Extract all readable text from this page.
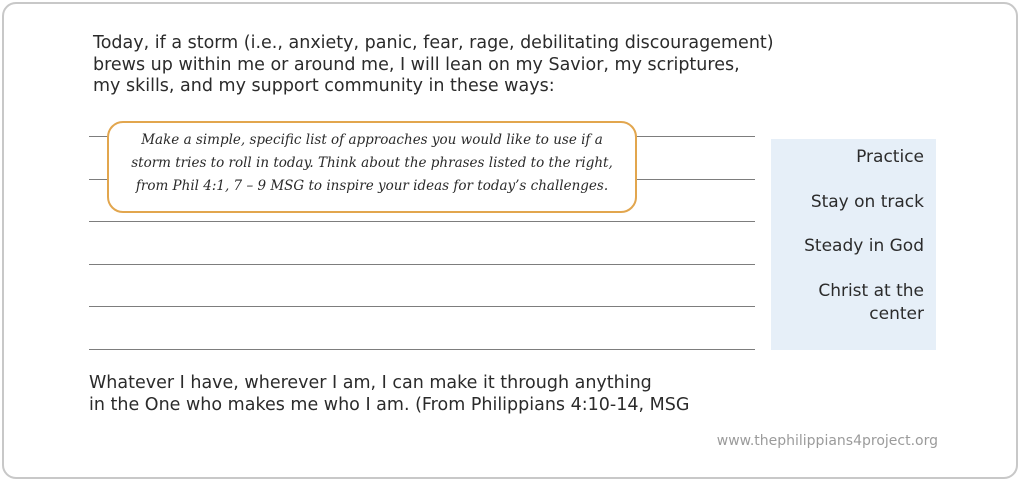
Today, if a storm (i.e., anxiety, panic, fear, rage, debilitating discouragement)
brews up within me or around me, I will lean on my Savior, my scriptures,
my skills, and my support community in these ways:
Make a simple, specific list of approaches you would like to use if a
storm tries to roll in today. Think about the phrases listed to the right,
from Phil 4:1, 7 – 9 MSG to inspire your ideas for today’s challenges.
Practice
Stay on track
Steady in God
Christ at the
center
Whatever I have, wherever I am, I can make it through anything
in the One who makes me who I am. (From Philippians 4:10-14, MSG
www.thephilippians4project.org
